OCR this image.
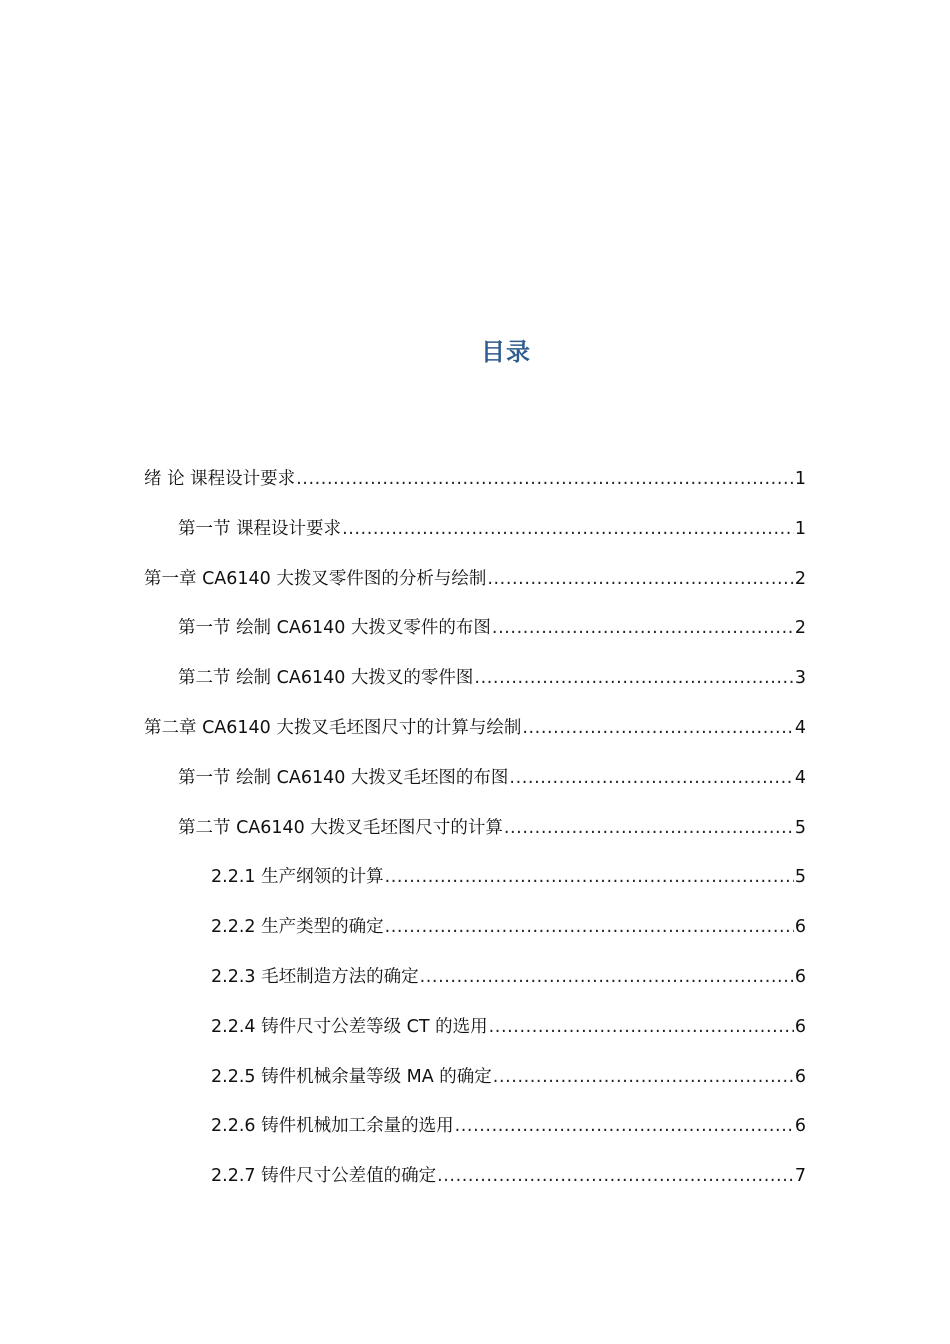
目录
绪 论 课程设计要求 .....	1
第一节 课程设计要求 .....	1
第一章 CA6140 大拨叉零件图的分析与绘制 .....	2
第一节 绘制 CA6140 大拨叉零件的布图 .....	2
第二节 绘制 CA6140 大拨叉的零件图 .....	3
第二章 CA6140 大拨叉毛坯图尺寸的计算与绘制 .....	4
第一节 绘制 CA6140 大拨叉毛坯图的布图 .....	4
第二节 CA6140 大拨叉毛坯图尺寸的计算 .....	5
2.2.1 生产纲领的计算 .....	5
2.2.2 生产类型的确定 .....	6
2.2.3 毛坯制造方法的确定 .....	6
2.2.4 铸件尺寸公差等级 CT 的选用 .....	6
2.2.5 铸件机械余量等级 MA 的确定 .....	6
2.2.6 铸件机械加工余量的选用 .....	6
2.2.7 铸件尺寸公差值的确定 .....	7
